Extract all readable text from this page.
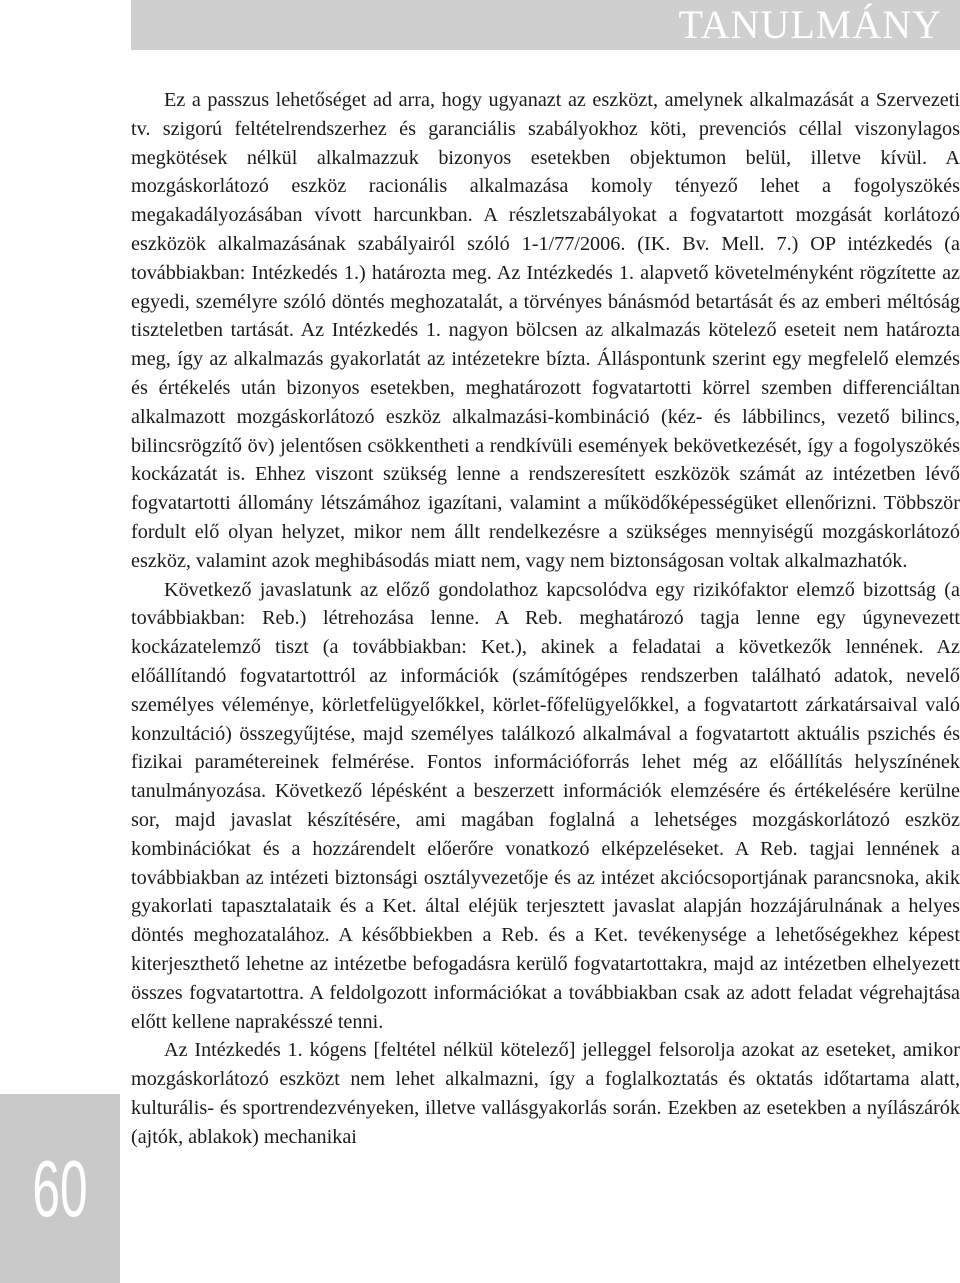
TANULMÁNY

Ez a passzus lehetőséget ad arra, hogy ugyanazt az eszközt, amelynek alkalmazását a Szervezeti tv. szigorú feltételrendszerhez és garanciális szabályokhoz köti, prevenciós céllal viszonylagos megkötések nélkül alkalmazzuk bizonyos esetekben objektumon belül, illetve kívül. A mozgáskorlátozó eszköz racionális alkalmazása komoly tényező lehet a fogolyszökés megakadályozásában vívott harcunkban. A részletszabályokat a fogvatartott mozgását korlátozó eszközök alkalmazásának szabályairól szóló 1-1/77/2006. (IK. Bv. Mell. 7.) OP intézkedés (a továbbiakban: Intézkedés 1.) határozta meg. Az Intézkedés 1. alapvető követelményként rögzítette az egyedi, személyre szóló döntés meghozatalát, a törvényes bánásmód betartását és az emberi méltóság tiszteletben tartását. Az Intézkedés 1. nagyon bölcsen az alkalmazás kötelező eseteit nem határozta meg, így az alkalmazás gyakorlatát az intézetekre bízta. Álláspontunk szerint egy megfelelő elemzés és értékelés után bizonyos esetekben, meghatározott fogvatartotti körrel szemben differenciáltan alkalmazott mozgáskorlátozó eszköz alkalmazási-kombináció (kéz- és lábbilincs, vezető bilincs, bilincsrögzítő öv) jelentősen csökkentheti a rendkívüli események bekövetkezését, így a fogolyszökés kockázatát is. Ehhez viszont szükség lenne a rendszeresített eszközök számát az intézetben lévő fogvatartotti állomány létszámához igazítani, valamint a működőképességüket ellenőrizni. Többször fordult elő olyan helyzet, mikor nem állt rendelkezésre a szükséges mennyiségű mozgáskorlátozó eszköz, valamint azok meghibásodás miatt nem, vagy nem biztonságosan voltak alkalmazhatók.

Következő javaslatunk az előző gondolathoz kapcsolódva egy rizikófaktor elemző bizottság (a továbbiakban: Reb.) létrehozása lenne. A Reb. meghatározó tagja lenne egy úgynevezett kockázatelemző tiszt (a továbbiakban: Ket.), akinek a feladatai a következők lennének. Az előállítandó fogvatartottról az információk (számítógépes rendszerben található adatok, nevelő személyes véleménye, körletfelügyelőkkel, körlet-főfelügyelőkkel, a fogvatartott zárkatársaival való konzultáció) összegyűjtése, majd személyes találkozó alkalmával a fogvatartott aktuális pszichés és fizikai paramétereinek felmérése. Fontos információforrás lehet még az előállítás helyszínének tanulmányozása. Következő lépésként a beszerzett információk elemzésére és értékelésére kerülne sor, majd javaslat készítésére, ami magában foglalná a lehetséges mozgáskorlátozó eszköz kombinációkat és a hozzárendelt előerőre vonatkozó elképzeléseket. A Reb. tagjai lennének a továbbiakban az intézeti biztonsági osztályvezetője és az intézet akciócsoportjának parancsnoka, akik gyakorlati tapasztalataik és a Ket. által eléjük terjesztett javaslat alapján hozzájárulnának a helyes döntés meghozatalához. A későbbiekben a Reb. és a Ket. tevékenysége a lehetőségekhez képest kiterjeszthető lehetne az intézetbe befogadásra kerülő fogvatartottakra, majd az intézetben elhelyezett összes fogvatartottra. A feldolgozott információkat a továbbiakban csak az adott feladat végrehajtása előtt kellene naprakésszé tenni.

Az Intézkedés 1. kógens [feltétel nélkül kötelező] jelleggel felsorolja azokat az eseteket, amikor mozgáskorlátozó eszközt nem lehet alkalmazni, így a foglalkoztatás és oktatás időtartama alatt, kulturális- és sportrendezvényeken, illetve vallásgyakorlás során. Ezekben az esetekben a nyílászárók (ajtók, ablakok) mechanikai

60
